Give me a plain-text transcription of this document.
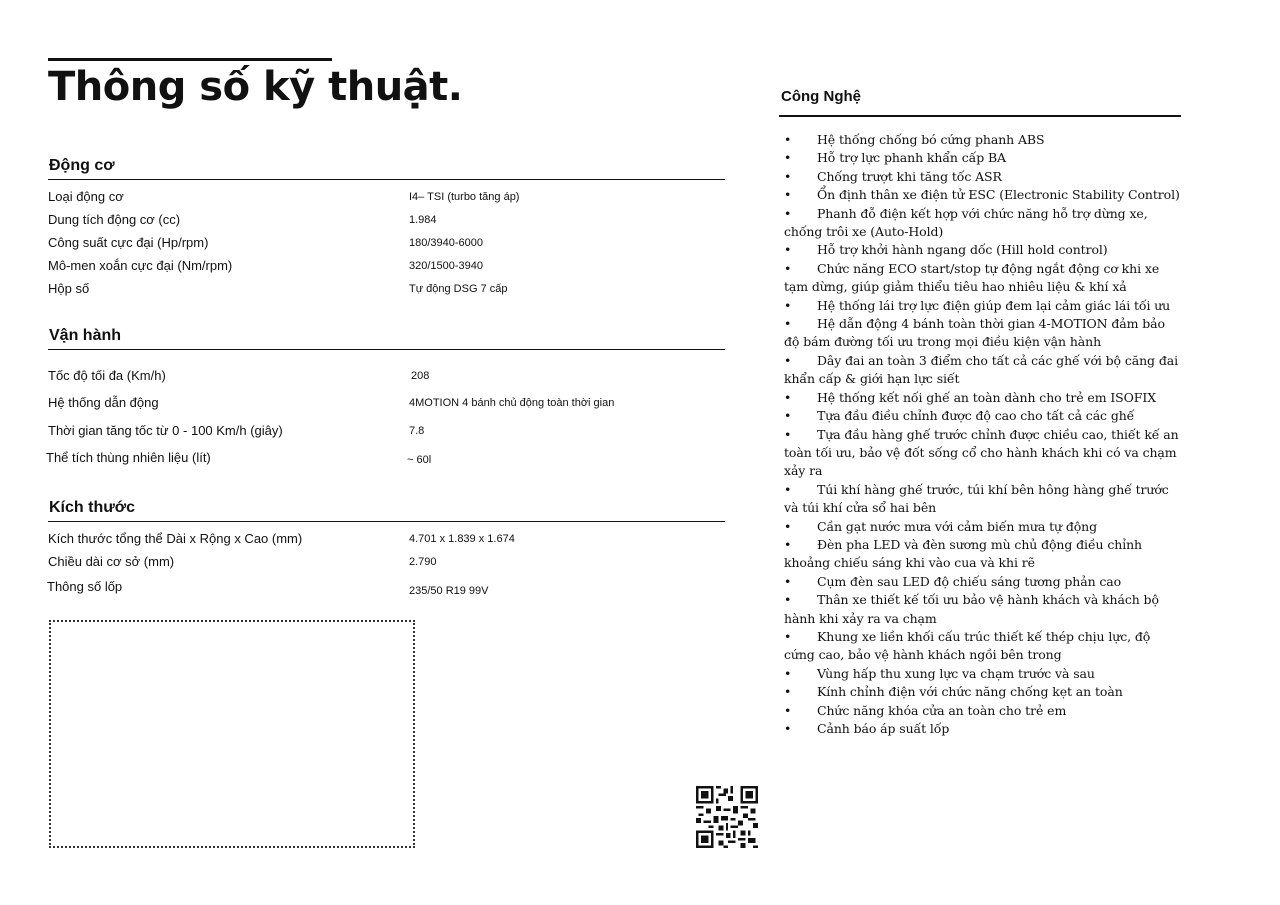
Thông số kỹ thuật.
Động cơ
Loại động cơ	I4– TSI (turbo tăng áp)
Dung tích động cơ (cc)	1.984
Công suất cực đại (Hp/rpm)	180/3940-6000
Mô-men xoắn cực đại (Nm/rpm)	320/1500-3940
Hộp số	Tự động DSG 7 cấp
Vận hành
Tốc độ tối đa (Km/h)	208
Hệ thống dẫn động	4MOTION 4 bánh chủ động toàn thời gian
Thời gian tăng tốc từ 0 - 100 Km/h (giây)	7.8
Thể tích thùng nhiên liệu (lít)	~ 60l
Kích thước
Kích thước tổng thể Dài x Rộng x Cao (mm)	4.701 x 1.839 x 1.674
Chiều dài cơ sở (mm)	2.790
Thông số lốp	235/50 R19 99V
Công Nghệ
• Hệ thống chống bó cứng phanh ABS
• Hỗ trợ lực phanh khẩn cấp BA
• Chống trượt khi tăng tốc ASR
• Ổn định thân xe điện tử ESC (Electronic Stability Control)
• Phanh đỗ điện kết hợp với chức năng hỗ trợ dừng xe, chống trôi xe (Auto-Hold)
• Hỗ trợ khởi hành ngang dốc (Hill hold control)
• Chức năng ECO start/stop tự động ngắt động cơ khi xe tạm dừng, giúp giảm thiểu tiêu hao nhiêu liệu & khí xả
• Hệ thống lái trợ lực điện giúp đem lại cảm giác lái tối ưu
• Hệ dẫn động 4 bánh toàn thời gian 4-MOTION đảm bảo độ bám đường tối ưu trong mọi điều kiện vận hành
• Dây đai an toàn 3 điểm cho tất cả các ghế với bộ căng đai khẩn cấp & giới hạn lực siết
• Hệ thống kết nối ghế an toàn dành cho trẻ em ISOFIX
• Tựa đầu điều chỉnh được độ cao cho tất cả các ghế
• Tựa đầu hàng ghế trước chỉnh được chiều cao, thiết kế an toàn tối ưu, bảo vệ đốt sống cổ cho hành khách khi có va chạm xảy ra
• Túi khí hàng ghế trước, túi khí bên hông hàng ghế trước và túi khí cửa sổ hai bên
• Cần gạt nước mưa với cảm biến mưa tự động
• Đèn pha LED và đèn sương mù chủ động điều chỉnh khoảng chiếu sáng khi vào cua và khi rẽ
• Cụm đèn sau LED độ chiếu sáng tương phản cao
• Thân xe thiết kế tối ưu bảo vệ hành khách và khách bộ hành khi xảy ra va chạm
• Khung xe liền khối cấu trúc thiết kế thép chịu lực, độ cứng cao, bảo vệ hành khách ngồi bên trong
• Vùng hấp thu xung lực va chạm trước và sau
• Kính chỉnh điện với chức năng chống kẹt an toàn
• Chức năng khóa cửa an toàn cho trẻ em
• Cảnh báo áp suất lốp
